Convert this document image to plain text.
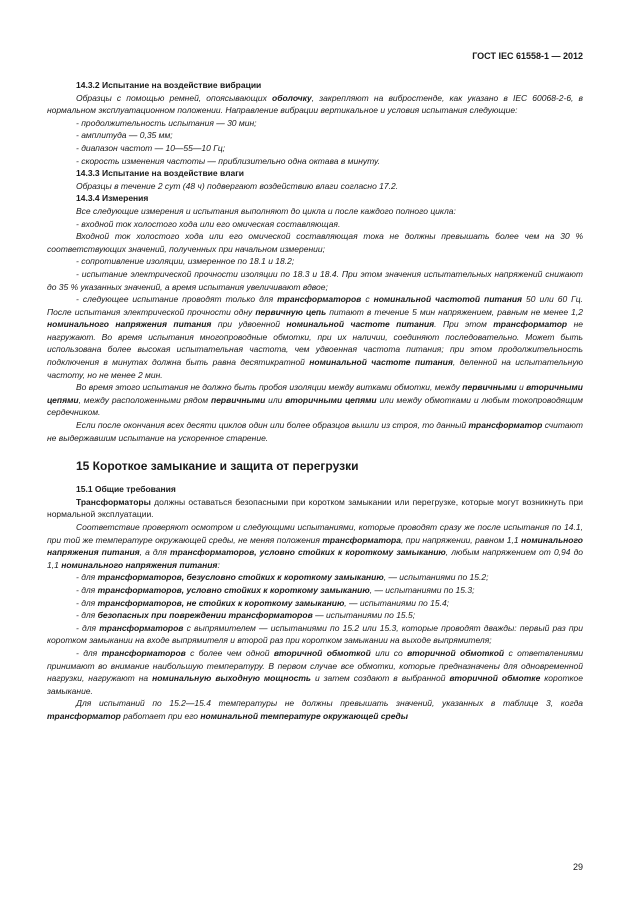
ГОСТ IEC 61558-1 — 2012
14.3.2 Испытание на воздействие вибрации

Образцы с помощью ремней, опоясывающих оболочку, закрепляют на вибростенде, как указано в IEC 60068-2-6, в нормальном эксплуатационном положении. Направление вибрации вертикальное и условия испытания следующие:

- продолжительность испытания — 30 мин;

- амплитуда — 0,35 мм;

- диапазон частот — 10—55—10 Гц;

- скорость изменения частоты — приблизительно одна октава в минуту.

14.3.3 Испытание на воздействие влаги

Образцы в течение 2 сут (48 ч) подвергают воздействию влаги согласно 17.2.

14.3.4 Измерения

Все следующие измерения и испытания выполняют до цикла и после каждого полного цикла:

- входной ток холостого хода или его омическая составляющая.

Входной ток холостого хода или его омической составляющая тока не должны превышать более чем на 30 % соответствующих значений, полученных при начальном измерении;

- сопротивление изоляции, измеренное по 18.1 и 18.2;

- испытание электрической прочности изоляции по 18.3 и 18.4. При этом значения испытательных напряжений снижают до 35 % указанных значений, а время испытания увеличивают вдвое;

- следующее испытание проводят только для трансформаторов с номинальной частотой питания 50 или 60 Гц. После испытания электрической прочности одну первичную цепь питают в течение 5 мин напряжением, равным не менее 1,2 номинального напряжения питания при удвоенной номинальной частоте питания. При этом трансформатор не нагружают. Во время испытания многопроводные обмотки, при их наличии, соединяют последовательно. Может быть использована более высокая испытательная частота, чем удвоенная частота питания; при этом продолжительность подключения в минутах должна быть равна десятикратной номинальной частоте питания, деленной на испытательную частоту, но не менее 2 мин.

Во время этого испытания не должно быть пробоя изоляции между витками обмотки, между первичными и вторичными цепями, между расположенными рядом первичными или вторичными цепями или между обмотками и любым токопроводящим сердечником.

Если после окончания всех десяти циклов один или более образцов вышли из строя, то данный трансформатор считают не выдержавшим испытание на ускоренное старение.

15 Короткое замыкание и защита от перегрузки
15.1 Общие требования

Трансформаторы должны оставаться безопасными при коротком замыкании или перегрузке, которые могут возникнуть при нормальной эксплуатации.

Соответствие проверяют осмотром и следующими испытаниями, которые проводят сразу же после испытания по 14.1, при той же температуре окружающей среды, не меняя положения трансформатора, при напряжении, равном 1,1 номинального напряжения питания, а для трансформаторов, условно стойких к короткому замыканию, любым напряжением от 0,94 до 1,1 номинального напряжения питания:

- для трансформаторов, безусловно стойких к короткому замыканию, — испытаниями по 15.2;

- для трансформаторов, условно стойких к короткому замыканию, — испытаниями по 15.3;

- для трансформаторов, не стойких к короткому замыканию, — испытаниями по 15.4;

- для безопасных при повреждении трансформаторов — испытаниями по 15.5;

- для трансформаторов с выпрямителем — испытаниями по 15.2 или 15.3, которые проводят дважды: первый раз при коротком замыкании на входе выпрямителя и второй раз при коротком замыкании на выходе выпрямителя;

- для трансформаторов с более чем одной вторичной обмоткой или со вторичной обмоткой с ответвлениями принимают во внимание наибольшую температуру. В первом случае все обмотки, которые предназначены для одновременной нагрузки, нагружают на номинальную выходную мощность и затем создают в выбранной вторичной обмотке короткое замыкание.

Для испытаний по 15.2—15.4 температуры не должны превышать значений, указанных в таблице 3, когда трансформатор работает при его номинальной температуре окружающей среды

29
